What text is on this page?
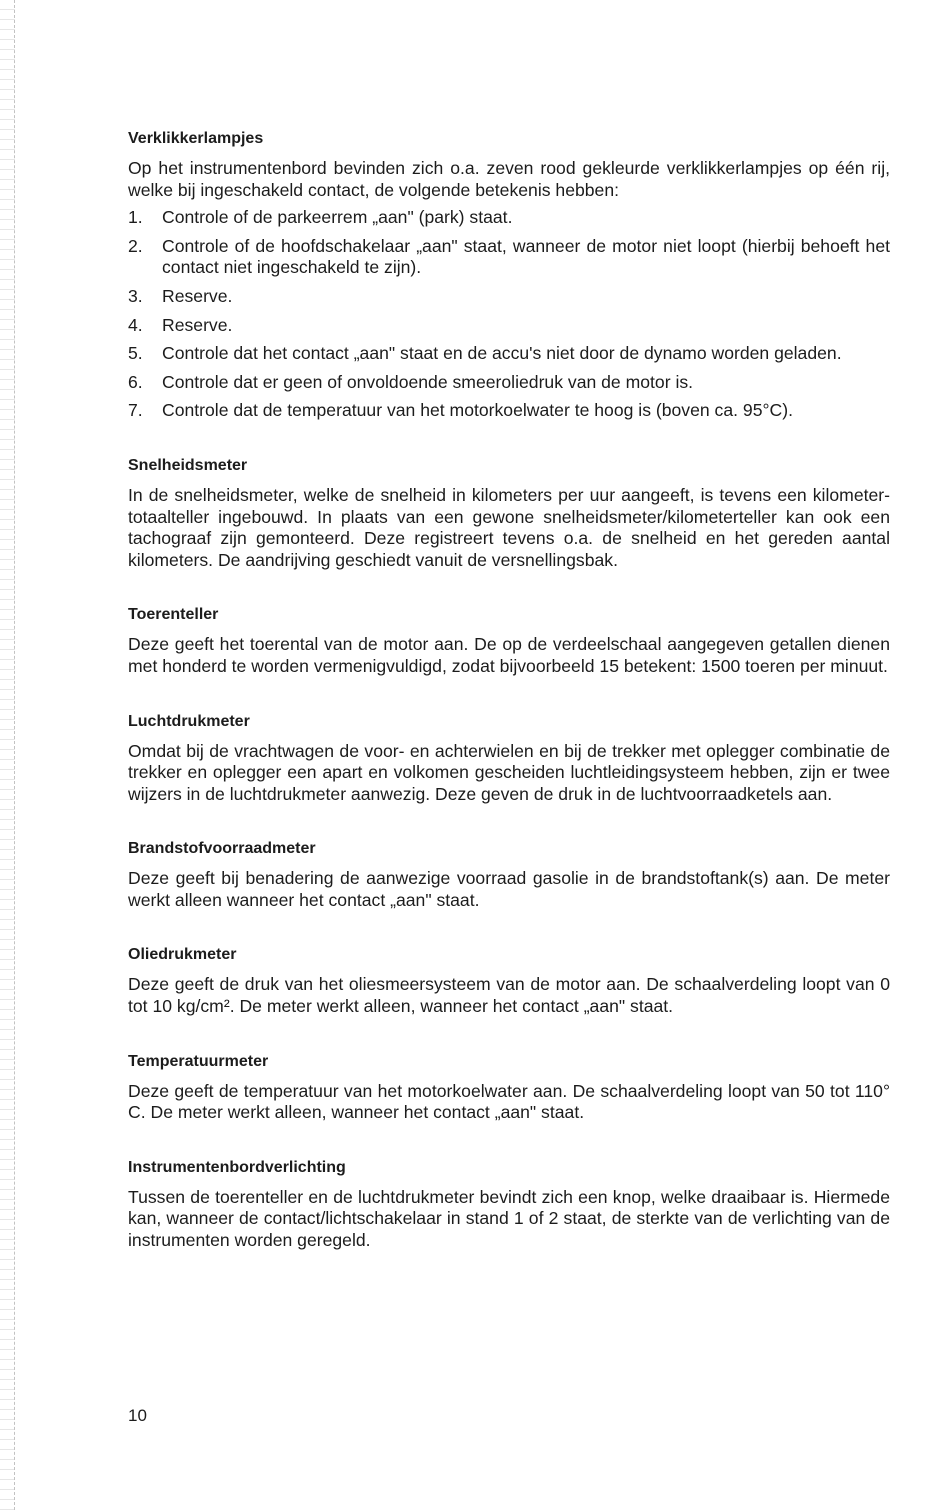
Verklikkerlampjes

Op het instrumentenbord bevinden zich o.a. zeven rood gekleurde verklikkerlampjes op één rij, welke bij ingeschakeld contact, de volgende betekenis hebben:

1.	Controle of de parkeerrem „aan" (park) staat.
2.	Controle of de hoofdschakelaar „aan" staat, wanneer de motor niet loopt (hierbij behoeft het contact niet ingeschakeld te zijn).
3.	Reserve.
4.	Reserve.
5.	Controle dat het contact „aan" staat en de accu's niet door de dynamo worden geladen.
6.	Controle dat er geen of onvoldoende smeeroliedruk van de motor is.
7.	Controle dat de temperatuur van het motorkoelwater te hoog is (boven ca. 95°C).
Snelheidsmeter

In de snelheidsmeter, welke de snelheid in kilometers per uur aangeeft, is tevens een kilometer-totaalteller ingebouwd. In plaats van een gewone snelheidsmeter/kilometerteller kan ook een tachograaf zijn gemonteerd. Deze registreert tevens o.a. de snelheid en het gereden aantal kilometers. De aandrijving geschiedt vanuit de versnellingsbak.

Toerenteller

Deze geeft het toerental van de motor aan. De op de verdeelschaal aangegeven getallen dienen met honderd te worden vermenigvuldigd, zodat bijvoorbeeld 15 betekent: 1500 toeren per minuut.

Luchtdrukmeter

Omdat bij de vrachtwagen de voor- en achterwielen en bij de trekker met oplegger combinatie de trekker en oplegger een apart en volkomen gescheiden luchtleidingsysteem hebben, zijn er twee wijzers in de luchtdrukmeter aanwezig. Deze geven de druk in de luchtvoorraadketels aan.

Brandstofvoorraadmeter

Deze geeft bij benadering de aanwezige voorraad gasolie in de brandstoftank(s) aan. De meter werkt alleen wanneer het contact „aan" staat.

Oliedrukmeter

Deze geeft de druk van het oliesmeersysteem van de motor aan. De schaalverdeling loopt van 0 tot 10 kg/cm². De meter werkt alleen, wanneer het contact „aan" staat.

Temperatuurmeter

Deze geeft de temperatuur van het motorkoelwater aan. De schaalverdeling loopt van 50 tot 110° C. De meter werkt alleen, wanneer het contact „aan" staat.

Instrumentenbordverlichting

Tussen de toerenteller en de luchtdrukmeter bevindt zich een knop, welke draaibaar is. Hiermede kan, wanneer de contact/lichtschakelaar in stand 1 of 2 staat, de sterkte van de verlichting van de instrumenten worden geregeld.

10
